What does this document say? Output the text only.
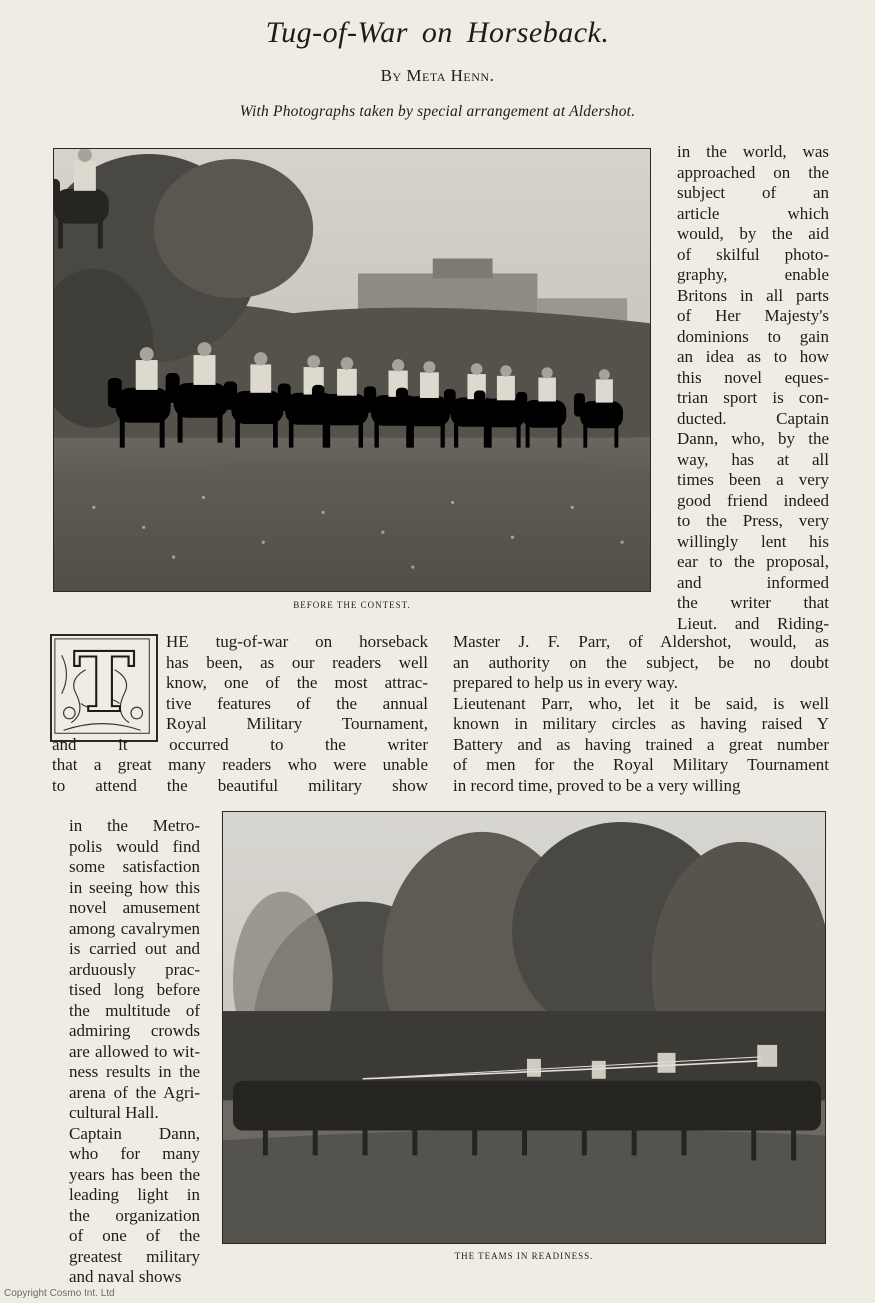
Tug-of-War on Horseback.
By Meta Henn.
With Photographs taken by special arrangement at Aldershot.
BEFORE THE CONTEST.
in the world, was
approached on the
subject of an
article which
would, by the aid
of skilful photo-
graphy, enable
Britons in all parts
of Her Majesty's
dominions to gain
an idea as to how
this novel eques-
trian sport is con-
ducted. Captain
Dann, who, by the
way, has at all
times been a very
good friend indeed
to the Press, very
willingly lent his
ear to the proposal,
and informed
the writer that
Lieut. and Riding-
T HE tug-of-war on horseback
has been, as our readers well
know, one of the most attrac-
tive features of the annual
Royal Military Tournament,
and it occurred to the writer
that a great many readers who were unable
to attend the beautiful military show
Master J. F. Parr, of Aldershot, would, as
an authority on the subject, be no doubt
prepared to help us in every way.
Lieutenant Parr, who, let it be said, is well
known in military circles as having raised Y
Battery and as having trained a great number
of men for the Royal Military Tournament
in record time, proved to be a very willing
THE TEAMS IN READINESS.
in the Metro-
polis would find
some satisfaction
in seeing how this
novel amusement
among cavalrymen
is carried out and
arduously prac-
tised long before
the multitude of
admiring crowds
are allowed to wit-
ness results in the
arena of the Agri-
cultural Hall.
Captain Dann,
who for many
years has been the
leading light in
the organization
of one of the
greatest military
and naval shows
Copyright Cosmo Int. Ltd
